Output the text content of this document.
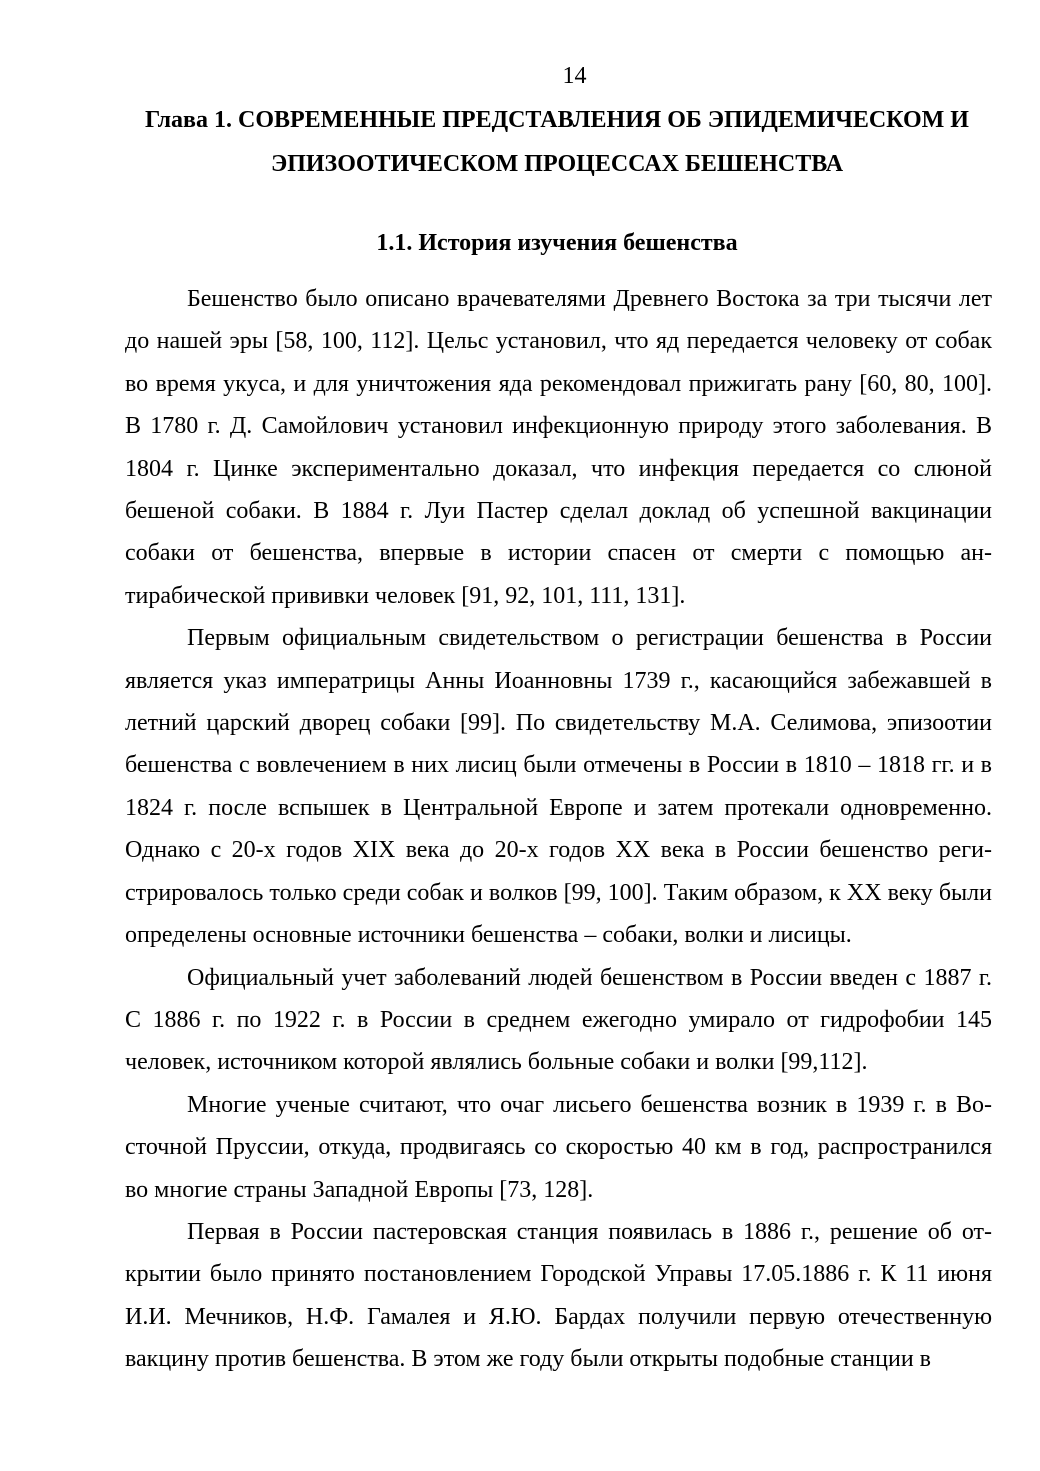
14
Глава 1. СОВРЕМЕННЫЕ ПРЕДСТАВЛЕНИЯ ОБ ЭПИДЕМИЧЕСКОМ И
ЭПИЗООТИЧЕСКОМ ПРОЦЕССАХ БЕШЕНСТВА
1.1. История изучения бешенства

Бешенство было описано врачевателями Древнего Востока за три тысячи лет до нашей эры [58, 100, 112]. Цельс установил, что яд передается человеку от собак во время укуса, и для уничтожения яда рекомендовал прижигать рану [60, 80, 100]. В 1780 г. Д. Самойлович установил инфекционную природу этого заболевания. В 1804 г. Цинке экспериментально доказал, что инфекция передается со слюной бешеной собаки. В 1884 г. Луи Пастер сделал доклад об успешной вакцинации собаки от бешенства, впервые в истории спасен от смерти с помощью антирабической прививки человек [91, 92, 101, 111, 131].

Первым официальным свидетельством о регистрации бешенства в России является указ императрицы Анны Иоанновны 1739 г., касающийся забежавшей в летний царский дворец собаки [99]. По свидетельству М.А. Селимова, эпизоотии бешенства с вовлечением в них лисиц были отмечены в России в 1810 – 1818 гг. и в 1824 г. после вспышек в Центральной Европе и затем протекали одновременно. Однако с 20-х годов XIX века до 20-х годов XX века в России бешенство регистрировалось только среди собак и волков [99, 100]. Таким образом, к XX веку были определены основные источники бешенства – собаки, волки и лисицы.

Официальный учет заболеваний людей бешенством в России введен с 1887 г. С 1886 г. по 1922 г. в России в среднем ежегодно умирало от гидрофобии 145 человек, источником которой являлись больные собаки и волки [99,112].

Многие ученые считают, что очаг лисьего бешенства возник в 1939 г. в Восточной Пруссии, откуда, продвигаясь со скоростью 40 км в год, распространился во многие страны Западной Европы [73, 128].

Первая в России пастеровская станция появилась в 1886 г., решение об открытии было принято постановлением Городской Управы 17.05.1886 г. К 11 июня И.И. Мечников, Н.Ф. Гамалея и Я.Ю. Бардах получили первую отечественную вакцину против бешенства. В этом же году были открыты подобные станции в
